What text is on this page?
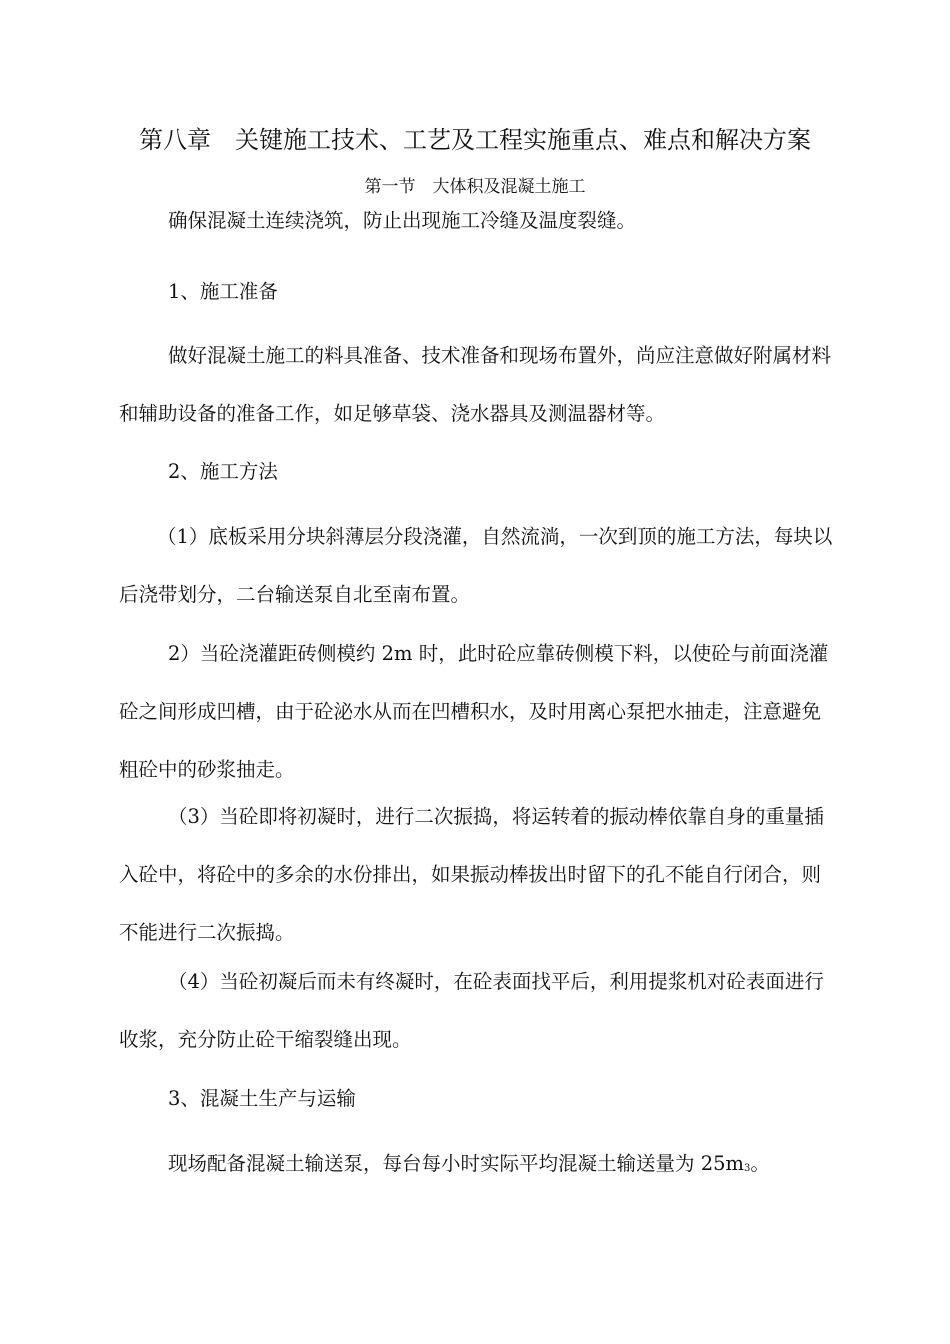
第八章　关键施工技术、工艺及工程实施重点、难点和解决方案
第一节　大体积及混凝土施工

确保混凝土连续浇筑，防止出现施工冷缝及温度裂缝。

1、施工准备

做好混凝土施工的料具准备、技术准备和现场布置外，尚应注意做好附属材料和辅助设备的准备工作，如足够草袋、浇水器具及测温器材等。

2、施工方法

（1）底板采用分块斜薄层分段浇灌，自然流淌，一次到顶的施工方法，每块以后浇带划分，二台输送泵自北至南布置。

2）当砼浇灌距砖侧模约 2m 时，此时砼应靠砖侧模下料，以使砼与前面浇灌砼之间形成凹槽，由于砼泌水从而在凹槽积水，及时用离心泵把水抽走，注意避免粗砼中的砂浆抽走。

（3）当砼即将初凝时，进行二次振捣，将运转着的振动棒依靠自身的重量插入砼中，将砼中的多余的水份排出，如果振动棒拔出时留下的孔不能自行闭合，则不能进行二次振捣。

（4）当砼初凝后而未有终凝时，在砼表面找平后，利用提浆机对砼表面进行收浆，充分防止砼干缩裂缝出现。

3、混凝土生产与运输

现场配备混凝土输送泵，每台每小时实际平均混凝土输送量为 25m3。
